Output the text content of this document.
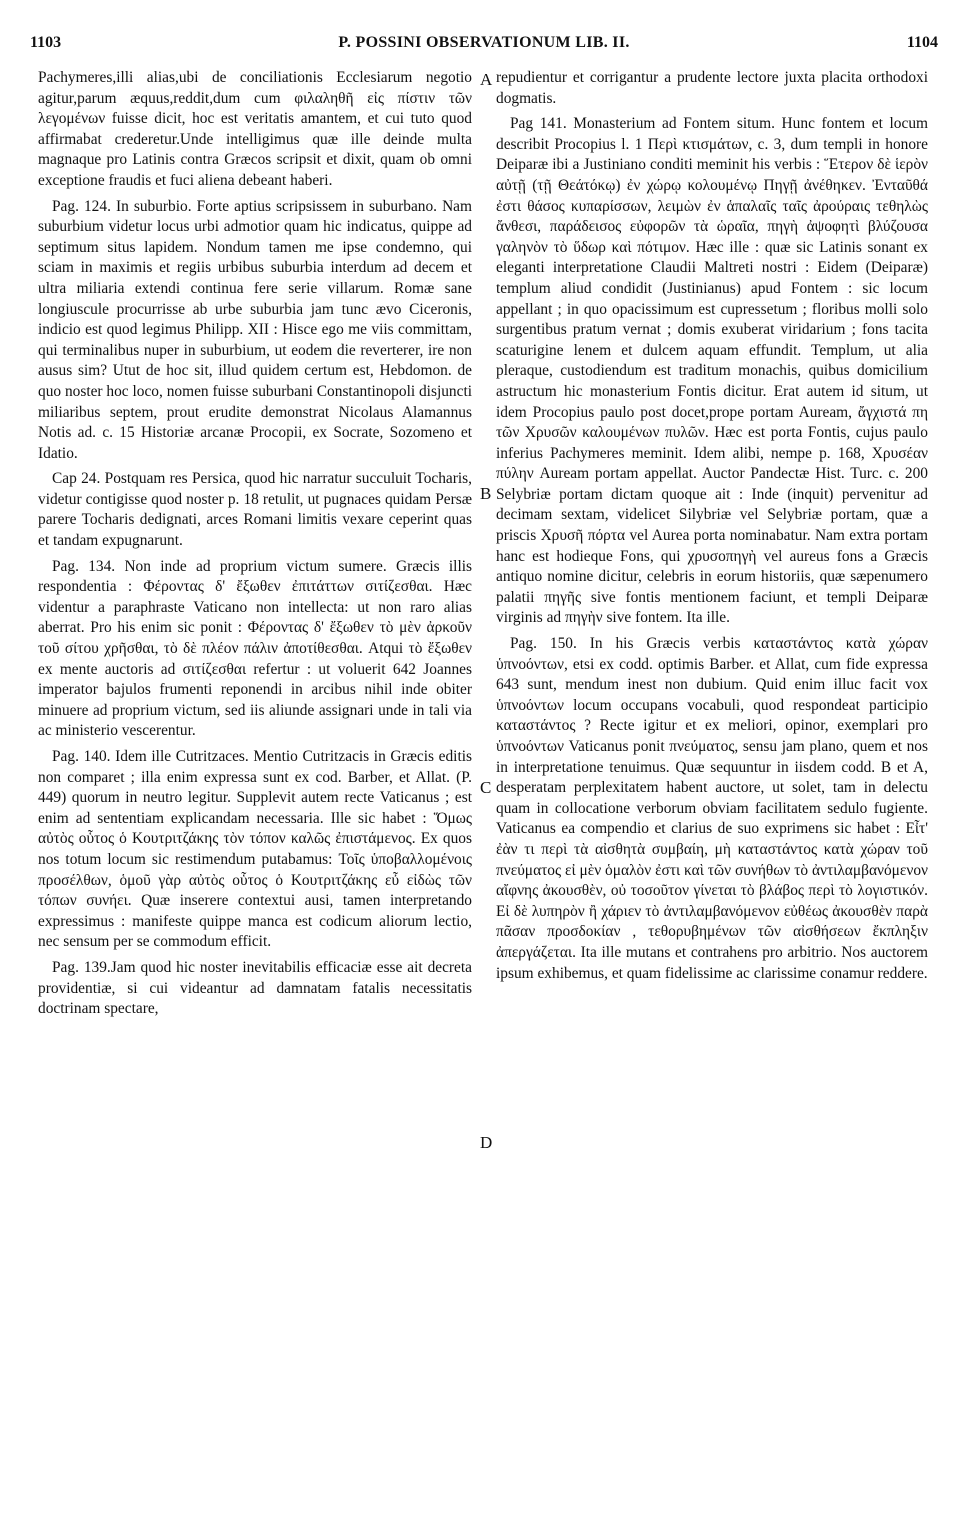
1103	P. POSSINI OBSERVATIONUM LIB. II.	1104

Pachymeres,illi alias,ubi de conciliationis Ecclesiarum negotio agitur,parum æquus,reddit,dum cum φιλαληθῆ εἰς πίστιν τῶν λεγομένων fuisse dicit, hoc est veritatis amantem, et cui tuto quod affirmabat crederetur.Unde intelligimus quæ ille deinde multa magnaque pro Latinis contra Græcos scripsit et dixit, quam ob omni exceptione fraudis et fuci aliena debeant haberi.

Pag. 124. In suburbio. Forte aptius scripsissem in suburbano. Nam suburbium videtur locus urbi admotior quam hic indicatus, quippe ad septimum situs lapidem. Nondum tamen me ipse condemno, qui sciam in maximis et regiis urbibus suburbia interdum ad decem et ultra miliaria extendi continua fere serie villarum. Romæ sane longiuscule procurrisse ab urbe suburbia jam tunc ævo Ciceronis, indicio est quod legimus Philipp. XII : Hisce ego me viis committam, qui terminalibus nuper in suburbium, ut eodem die reverterer, ire non ausus sim? Utut de hoc sit, illud quidem certum est, Hebdomon. de quo noster hoc loco, nomen fuisse suburbani Constantinopoli disjuncti miliaribus septem, prout erudite demonstrat Nicolaus Alamannus Notis ad. c. 15 Historiæ arcanæ Procopii, ex Socrate, Sozomeno et Idatio.

Cap 24. Postquam res Persica, quod hic narratur succuluit Tocharis, videtur contigisse quod noster p. 18 retulit, ut pugnaces quidam Persæ parere Tocharis dedignati, arces Romani limitis vexare ceperint quas et tandam expugnarunt.

Pag. 134. Non inde ad proprium victum sumere. Græcis illis respondentia : Φέροντας δ' ἔξωθεν ἐπιτάττων σιτίζεσθαι. Hæc videntur a paraphraste Vaticano non intellecta: ut non raro alias aberrat. Pro his enim sic ponit : Φέροντας δ' ἔξωθεν τὸ μὲν ἀρκοῦν τοῦ σίτου χρῆσθαι, τὸ δὲ πλέον πάλιν ἀποτίθεσθαι. Atqui τὸ ἔξωθεν ex mente auctoris ad σιτίζεσθαι refertur : ut voluerit 642 Joannes imperator bajulos frumenti reponendi in arcibus nihil inde obiter minuere ad proprium victum, sed iis aliunde assignari unde in tali via ac ministerio vescerentur.

Pag. 140. Idem ille Cutritzaces. Mentio Cutritzacis in Græcis editis non comparet ; illa enim expressa sunt ex cod. Barber, et Allat. (P. 449) quorum in neutro legitur. Supplevit autem recte Vaticanus ; est enim ad sententiam explicandam necessaria. Ille sic habet : Ὅμως αὐτὸς οὗτος ὁ Κουτριτζάκης τὸν τόπον καλῶς ἐπιστάμενος. Ex quos nos totum locum sic restimendum putabamus: Τοῖς ὑποβαλλομένοις προσέλθων, ὁμοῦ γὰρ αὐτὸς οὗτος ὁ Κουτριτζάκης εὖ εἰδὼς τῶν τόπων συνήει. Quæ inserere contextui ausi, tamen interpretando expressimus : manifeste quippe manca est codicum aliorum lectio, nec sensum per se commodum efficit.

Pag. 139.Jam quod hic noster inevitabilis efficaciæ esse ait decreta providentiæ, si cui videantur ad damnatam fatalis necessitatis doctrinam spectare,

repudientur et corrigantur a prudente lectore juxta placita orthodoxi dogmatis.

Pag 141. Monasterium ad Fontem situm. Hunc fontem et locum describit Procopius l. 1 Περὶ κτισμάτων, c. 3, dum templi in honore Deiparæ ibi a Justiniano conditi meminit his verbis : Ἕτερον δὲ ἱερὸν αὐτῇ (τῇ Θεάτόκῳ) ἐν χώρῳ κολουμένῳ Πηγῇ ἀνέθηκεν. Ἐνταῦθά ἐστι θάσος κυπαρίσσων, λειμὼν ἐν ἁπαλαῖς ταῖς ἀρούραις τεθηλὼς ἄνθεσι, παράδεισος εὐφορῶν τὰ ὡραῖα, πηγὴ ἀψοφητὶ βλύζουσα γαληνὸν τὸ ὕδωρ καὶ πότιμον. Hæc ille : quæ sic Latinis sonant ex eleganti interpretatione Claudii Maltreti nostri : Eidem (Deiparæ) templum aliud condidit (Justinianus) apud Fontem : sic locum appellant ; in quo opacissimum est cupressetum ; floribus molli solo surgentibus pratum vernat ; domis exuberat viridarium ; fons tacita scaturigine lenem et dulcem aquam effundit. Templum, ut alia pleraque, custodiendum est traditum monachis, quibus domicilium astructum hic monasterium Fontis dicitur. Erat autem id situm, ut idem Procopius paulo post docet,prope portam Auream, ἄγχιστά πη τῶν Χρυσῶν καλουμένων πυλῶν. Hæc est porta Fontis, cujus paulo inferius Pachymeres meminit. Idem alibi, nempe p. 168, Χρυσέαν πύλην Auream portam appellat. Auctor Pandectæ Hist. Turc. c. 200 Selybriæ portam dictam quoque ait : Inde (inquit) pervenitur ad decimam sextam, videlicet Silybriæ vel Selybriæ portam, quæ a priscis Χρυσῆ πόρτα vel Aurea porta nominabatur. Nam extra portam hanc est hodieque Fons, qui χρυσοπηγὴ vel aureus fons a Græcis antiquo nomine dicitur, celebris in eorum historiis, quæ sæpenumero palatii πηγῆς sive fontis mentionem faciunt, et templi Deiparæ virginis ad πηγὴν sive fontem. Ita ille.

Pag. 150. In his Græcis verbis καταστάντος κατὰ χώραν ὑπνοόντων, etsi ex codd. optimis Barber. et Allat, cum fide expressa 643 sunt, mendum inest non dubium. Quid enim illuc facit vox ὑπνοόντων locum occupans vocabuli, quod respondeat participio καταστάντος ? Recte igitur et ex meliori, opinor, exemplari pro ὑπνοόντων Vaticanus ponit πνεύματος, sensu jam plano, quem et nos in interpretatione tenuimus. Quæ sequuntur in iisdem codd. B et A, desperatam perplexitatem habent auctore, ut solet, tam in delectu quam in collocatione verborum obviam facilitatem sedulo fugiente. Vaticanus ea compendio et clarius de suo exprimens sic habet : Εἶτ' ἐὰν τι περὶ τὰ αἰσθητὰ συμβαίη, μὴ καταστάντος κατὰ χώραν τοῦ πνεύματος εἰ μὲν ὁμαλὸν ἐστι καὶ τῶν συνήθων τὸ ἀντιλαμβανόμενον αἴφνης ἀκουσθὲν, οὐ τοσοῦτον γίνεται τὸ βλάβος περὶ τὸ λογιστικόν. Εἰ δὲ λυπηρὸν ἢ χάριεν τὸ ἀντιλαμβανόμενον εὐθέως ἀκουσθὲν παρὰ πᾶσαν προσδοκίαν , τεθορυβημένων τῶν αἰσθήσεων ἔκπληξιν ἀπεργάζεται. Ita ille mutans et contrahens pro arbitrio. Nos auctorem ipsum exhibemus, et quam fidelissime ac clarissime conamur reddere.

A
B
C
D
